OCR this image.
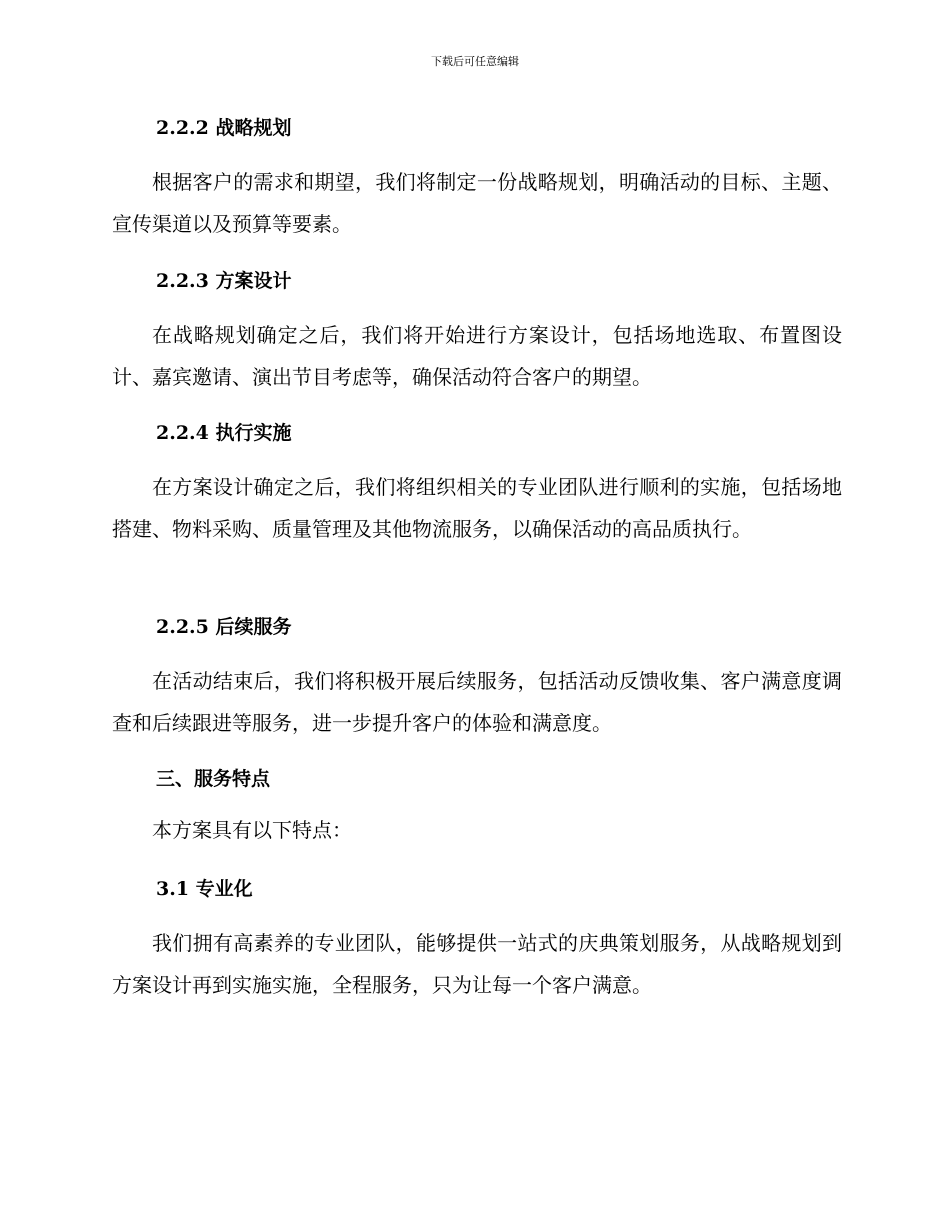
下载后可任意编辑
2.2.2 战略规划
根据客户的需求和期望，我们将制定一份战略规划，明确活动的目标、主题、宣传渠道以及预算等要素。
2.2.3 方案设计
在战略规划确定之后，我们将开始进行方案设计，包括场地选取、布置图设计、嘉宾邀请、演出节目考虑等，确保活动符合客户的期望。
2.2.4 执行实施
在方案设计确定之后，我们将组织相关的专业团队进行顺利的实施，包括场地搭建、物料采购、质量管理及其他物流服务，以确保活动的高品质执行。
2.2.5 后续服务
在活动结束后，我们将积极开展后续服务，包括活动反馈收集、客户满意度调查和后续跟进等服务，进一步提升客户的体验和满意度。
三、服务特点
本方案具有以下特点：
3.1 专业化
我们拥有高素养的专业团队，能够提供一站式的庆典策划服务，从战略规划到方案设计再到实施实施，全程服务，只为让每一个客户满意。
